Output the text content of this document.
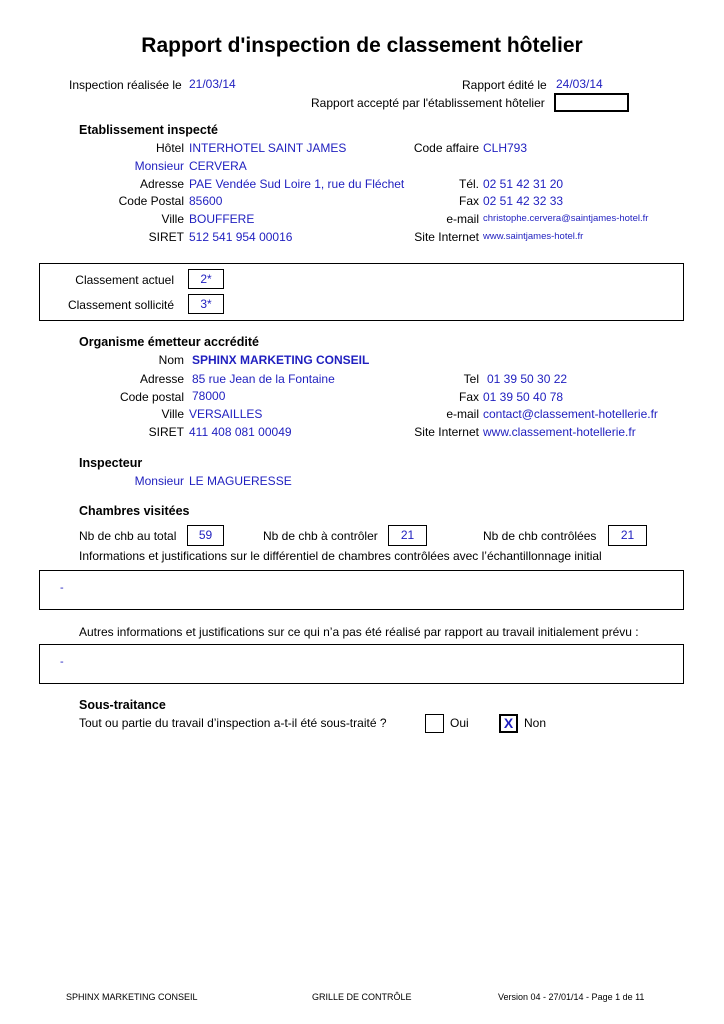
Rapport d'inspection de classement hôtelier
Inspection réalisée le 21/03/14	Rapport édité le 24/03/14
Rapport accepté par l'établissement hôtelier
Etablissement inspecté
Hôtel INTERHOTEL SAINT JAMES
Monsieur CERVERA
Adresse PAE Vendée Sud Loire 1, rue du Fléchet
Code Postal 85600
Ville BOUFFERE
SIRET 512 541 954 00016
Code affaire CLH793
Tél. 02 51 42 31 20
Fax 02 51 42 32 33
e-mail christophe.cervera@saintjames-hotel.fr
Site Internet www.saintjames-hotel.fr
Classement actuel	2*
Classement sollicité	3*
Organisme émetteur accrédité
Nom SPHINX MARKETING CONSEIL
Adresse 85 rue Jean de la Fontaine
Code postal 78000
Ville VERSAILLES
SIRET 411 408 081 00049
Tel 01 39 50 30 22
Fax 01 39 50 40 78
e-mail contact@classement-hotellerie.fr
Site Internet www.classement-hotellerie.fr
Inspecteur
Monsieur LE MAGUERESSE
Chambres visitées
Nb de chb au total	59	Nb de chb à contrôler	21	Nb de chb contrôlées	21
Informations et justifications sur le différentiel de chambres contrôlées avec l’échantillonnage initial
-
Autres informations et justifications sur ce qui n’a pas été réalisé par rapport au travail initialement prévu :
-
Sous-traitance
Tout ou partie du travail d’inspection a-t-il été sous-traité ?	Oui	X Non
SPHINX MARKETING CONSEIL	GRILLE DE CONTRÔLE	Version 04 - 27/01/14 - Page 1 de 11
